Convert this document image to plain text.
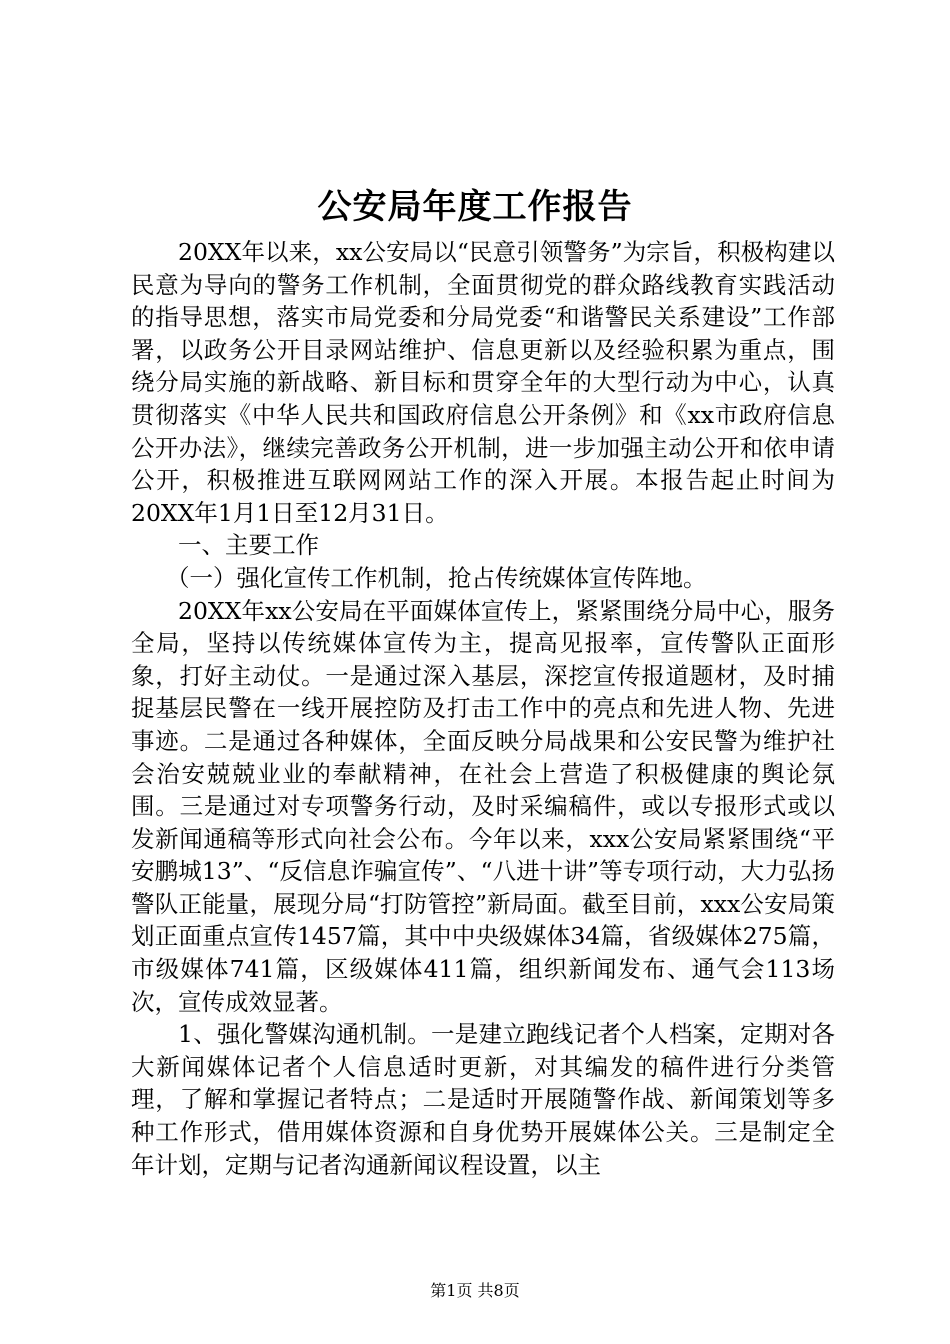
公安局年度工作报告

20XX年以来，xx公安局以“民意引领警务”为宗旨，积极构建以民意为导向的警务工作机制，全面贯彻党的群众路线教育实践活动的指导思想，落实市局党委和分局党委“和谐警民关系建设”工作部署，以政务公开目录网站维护、信息更新以及经验积累为重点，围绕分局实施的新战略、新目标和贯穿全年的大型行动为中心，认真贯彻落实《中华人民共和国政府信息公开条例》和《xx市政府信息公开办法》，继续完善政务公开机制，进一步加强主动公开和依申请公开，积极推进互联网网站工作的深入开展。本报告起止时间为20XX年1月1日至12月31日。

一、主要工作

（一）强化宣传工作机制，抢占传统媒体宣传阵地。

20XX年xx公安局在平面媒体宣传上，紧紧围绕分局中心，服务全局，坚持以传统媒体宣传为主，提高见报率，宣传警队正面形象，打好主动仗。一是通过深入基层，深挖宣传报道题材，及时捕捉基层民警在一线开展控防及打击工作中的亮点和先进人物、先进事迹。二是通过各种媒体，全面反映分局战果和公安民警为维护社会治安兢兢业业的奉献精神，在社会上营造了积极健康的舆论氛围。三是通过对专项警务行动，及时采编稿件，或以专报形式或以发新闻通稿等形式向社会公布。今年以来，xxx公安局紧紧围绕“平安鹏城13”、“反信息诈骗宣传”、“八进十讲”等专项行动，大力弘扬警队正能量，展现分局“打防管控”新局面。截至目前，xxx公安局策划正面重点宣传1457篇，其中中央级媒体34篇，省级媒体275篇，市级媒体741篇，区级媒体411篇，组织新闻发布、通气会113场次，宣传成效显著。

1、强化警媒沟通机制。一是建立跑线记者个人档案，定期对各大新闻媒体记者个人信息适时更新，对其编发的稿件进行分类管理，了解和掌握记者特点；二是适时开展随警作战、新闻策划等多种工作形式，借用媒体资源和自身优势开展媒体公关。三是制定全年计划，定期与记者沟通新闻议程设置，以主

第1页 共8页
